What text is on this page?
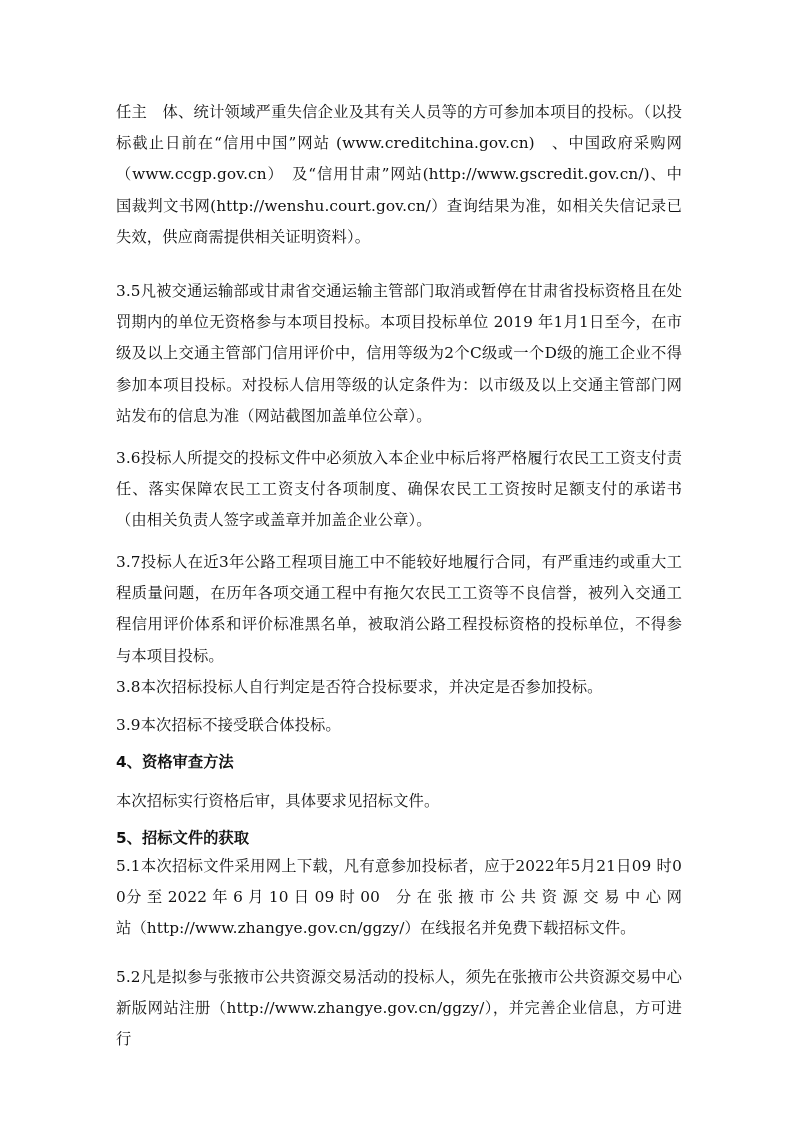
任主　体、统计领域严重失信企业及其有关人员等的方可参加本项目的投标。（以投标截止日前在“信用中国”网站 (www.creditchina.gov.cn)　、中国政府采购网（www.ccgp.gov.cn）　及“信用甘肃”网站(http://www.gscredit.gov.cn/)、中国裁判文书网(http://wenshu.court.gov.cn/）查询结果为准，如相关失信记录已失效，供应商需提供相关证明资料）。

3.5凡被交通运输部或甘肃省交通运输主管部门取消或暂停在甘肃省投标资格且在处罚期内的单位无资格参与本项目投标。本项目投标单位 2019 年1月1日至今，在市级及以上交通主管部门信用评价中，信用等级为2个C级或一个D级的施工企业不得参加本项目投标。对投标人信用等级的认定条件为：以市级及以上交通主管部门网站发布的信息为准（网站截图加盖单位公章）。

3.6投标人所提交的投标文件中必须放入本企业中标后将严格履行农民工工资支付责任、落实保障农民工工资支付各项制度、确保农民工工资按时足额支付的承诺书（由相关负责人签字或盖章并加盖企业公章）。

3.7投标人在近3年公路工程项目施工中不能较好地履行合同，有严重违约或重大工程质量问题，在历年各项交通工程中有拖欠农民工工资等不良信誉，被列入交通工程信用评价体系和评价标准黑名单，被取消公路工程投标资格的投标单位，不得参与本项目投标。

3.8本次招标投标人自行判定是否符合投标要求，并决定是否参加投标。

3.9本次招标不接受联合体投标。

4、资格审查方法

本次招标实行资格后审，具体要求见招标文件。

5、招标文件的获取

5.1本次招标文件采用网上下载，凡有意参加投标者，应于2022年5月21日09 时00分 至 2022 年 6 月 10 日 09 时 00　分 在 张 掖 市 公 共 资 源 交 易 中 心 网 站（http://www.zhangye.gov.cn/ggzy/）在线报名并免费下载招标文件。

5.2凡是拟参与张掖市公共资源交易活动的投标人，须先在张掖市公共资源交易中心新版网站注册（http://www.zhangye.gov.cn/ggzy/），并完善企业信息，方可进行
